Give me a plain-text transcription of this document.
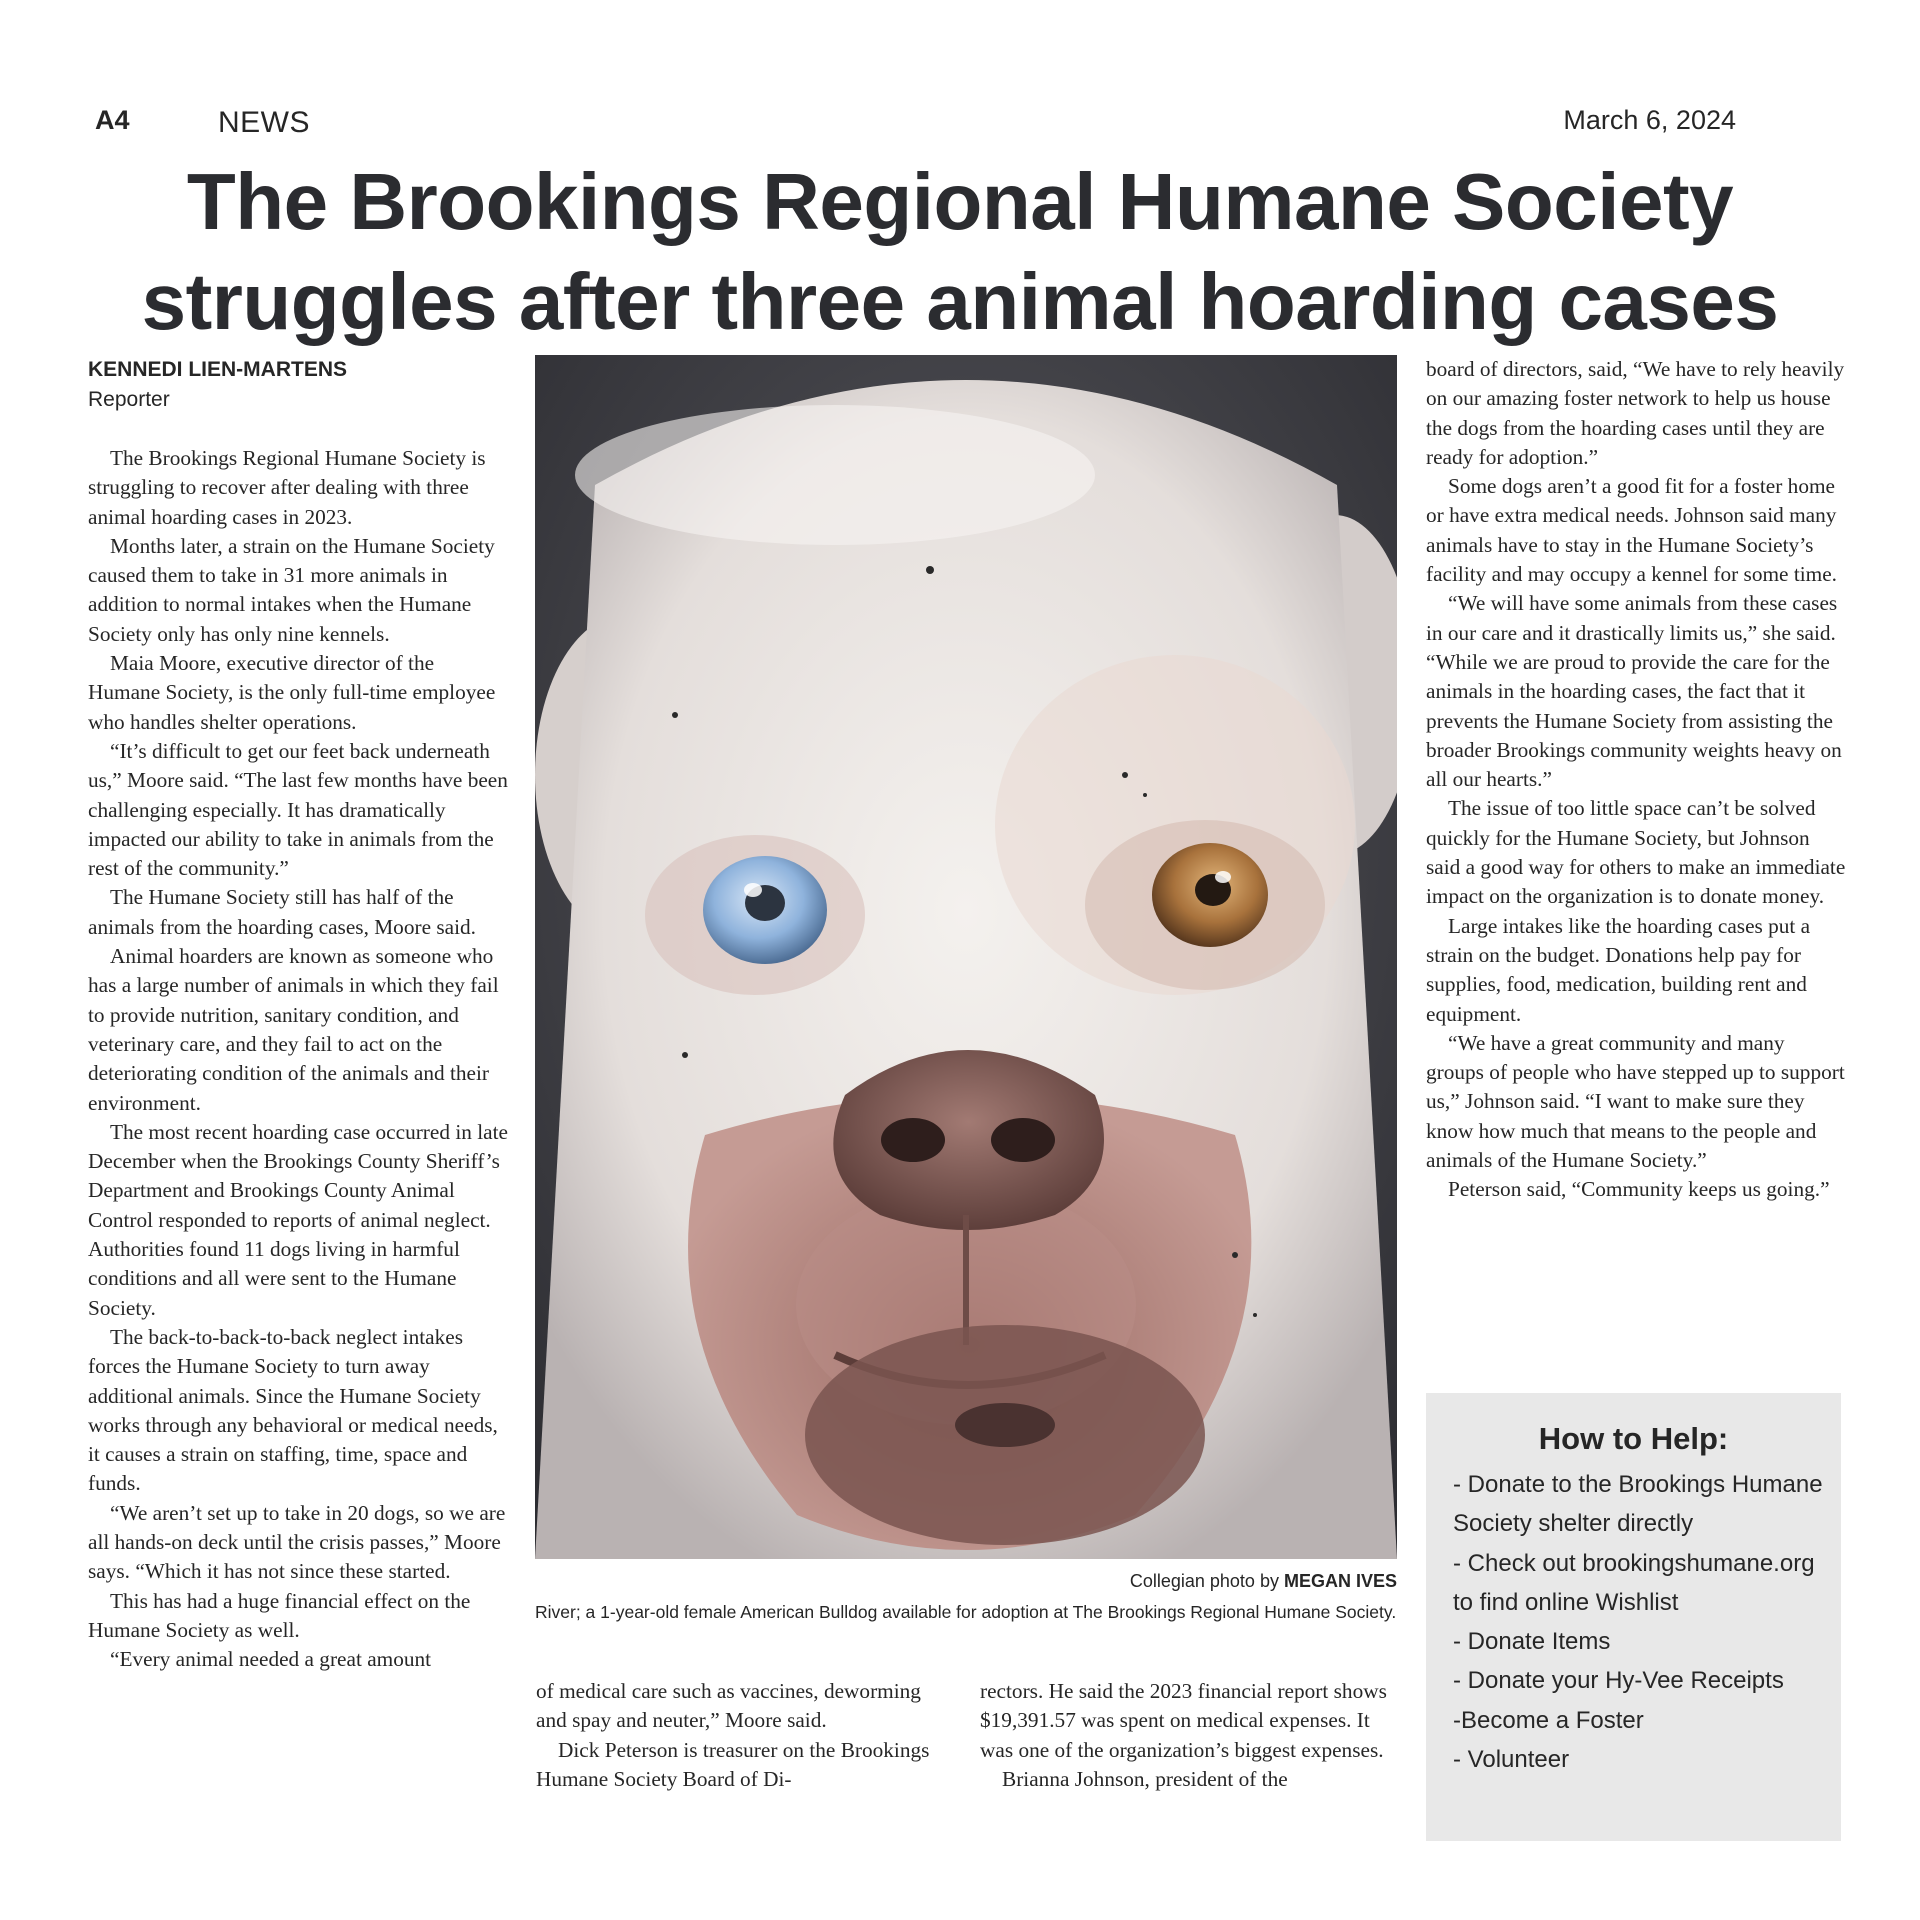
A4	NEWS	March 6, 2024
The Brookings Regional Humane Society
struggles after three animal hoarding cases
KENNEDI LIEN-MARTENS
Reporter

The Brookings Regional Humane Society is struggling to recover after dealing with three animal hoarding cases in 2023.

Months later, a strain on the Humane Society caused them to take in 31 more animals in addition to normal intakes when the Humane Society only has only nine kennels.

Maia Moore, executive director of the Humane Society, is the only full-time employee who handles shelter operations.

“It’s difficult to get our feet back underneath us,” Moore said. “The last few months have been challenging especially. It has dramatically impacted our ability to take in animals from the rest of the community.”

The Humane Society still has half of the animals from the hoarding cases, Moore said.

Animal hoarders are known as someone who has a large number of animals in which they fail to provide nutrition, sanitary condition, and veterinary care, and they fail to act on the deteriorating condition of the animals and their environment.

The most recent hoarding case occurred in late December when the Brookings County Sheriff’s Department and Brookings County Animal Control responded to reports of animal neglect. Authorities found 11 dogs living in harmful conditions and all were sent to the Humane Society.

The back-to-back-to-back neglect intakes forces the Humane Society to turn away additional animals. Since the Humane Society works through any behavioral or medical needs, it causes a strain on staffing, time, space and funds.

“We aren’t set up to take in 20 dogs, so we are all hands-on deck until the crisis passes,” Moore says. “Which it has not since these started.

This has had a huge financial effect on the Humane Society as well.

“Every animal needed a great amount

Collegian photo by MEGAN IVES
River; a 1-year-old female American Bulldog available for adoption at The Brookings Regional Humane Society.

of medical care such as vaccines, deworming and spay and neuter,” Moore said.

Dick Peterson is treasurer on the Brookings Humane Society Board of Di-

rectors. He said the 2023 financial report shows $19,391.57 was spent on medical expenses. It was one of the organization’s biggest expenses.

Brianna Johnson, president of the

board of directors, said, “We have to rely heavily on our amazing foster network to help us house the dogs from the hoarding cases until they are ready for adoption.”

Some dogs aren’t a good fit for a foster home or have extra medical needs. Johnson said many animals have to stay in the Humane Society’s facility and may occupy a kennel for some time.

“We will have some animals from these cases in our care and it drastically limits us,” she said. “While we are proud to provide the care for the animals in the hoarding cases, the fact that it prevents the Humane Society from assisting the broader Brookings community weights heavy on all our hearts.”

The issue of too little space can’t be solved quickly for the Humane Society, but Johnson said a good way for others to make an immediate impact on the organization is to donate money.

Large intakes like the hoarding cases put a strain on the budget. Donations help pay for supplies, food, medication, building rent and equipment.

“We have a great community and many groups of people who have stepped up to support us,” Johnson said. “I want to make sure they know how much that means to the people and animals of the Humane Society.”

Peterson said, “Community keeps us going.”

How to Help:
- Donate to the Brookings Humane Society shelter directly
- Check out brookingshumane.org to find online Wishlist
- Donate Items
- Donate your Hy-Vee Receipts
-Become a Foster
- Volunteer
